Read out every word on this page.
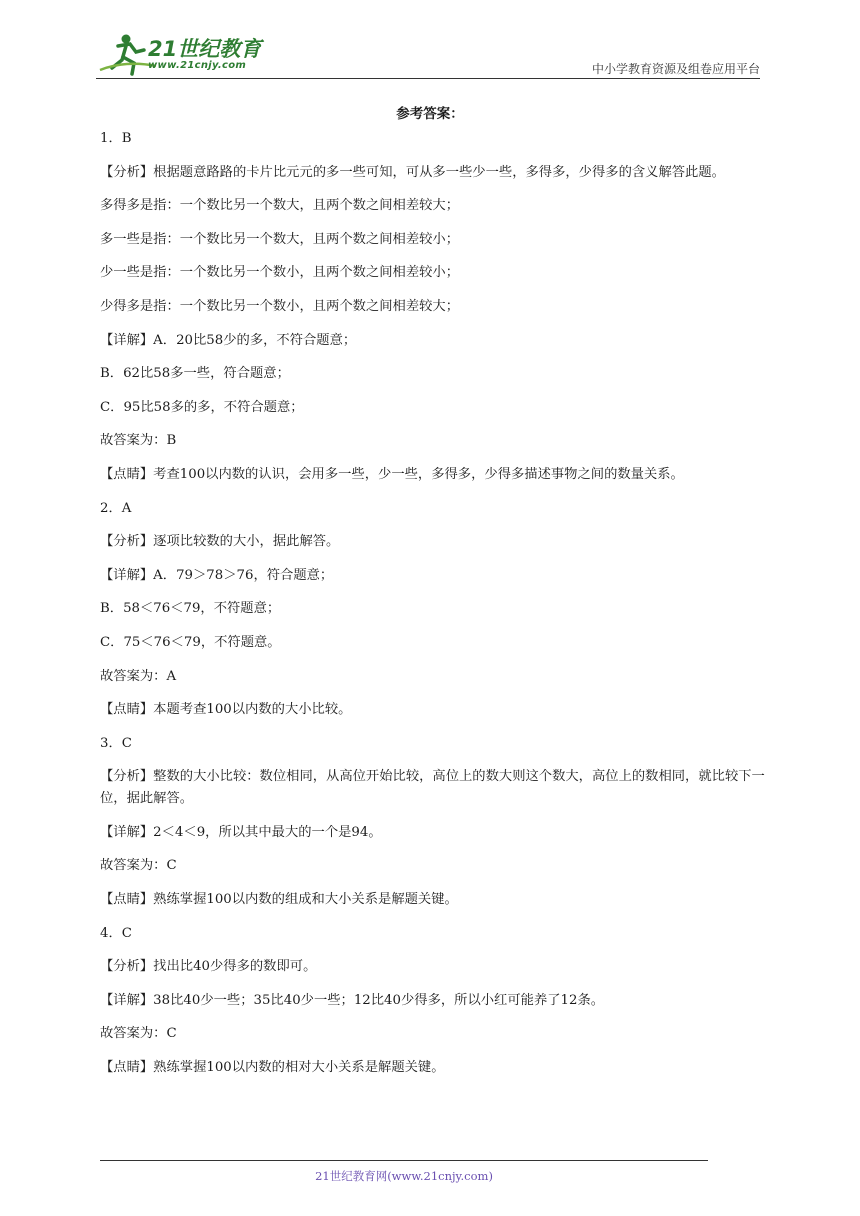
21世纪教育
www.21cnjy.com	中小学教育资源及组卷应用平台
参考答案：
1．B
【分析】根据题意路路的卡片比元元的多一些可知，可从多一些少一些，多得多，少得多的含义解答此题。
多得多是指：一个数比另一个数大，且两个数之间相差较大；
多一些是指：一个数比另一个数大，且两个数之间相差较小；
少一些是指：一个数比另一个数小，且两个数之间相差较小；
少得多是指：一个数比另一个数小，且两个数之间相差较大；
【详解】A．20比58少的多，不符合题意；
B．62比58多一些，符合题意；
C．95比58多的多，不符合题意；
故答案为：B
【点睛】考查100以内数的认识，会用多一些，少一些，多得多，少得多描述事物之间的数量关系。
2．A
【分析】逐项比较数的大小，据此解答。
【详解】A．79＞78＞76，符合题意；
B．58＜76＜79，不符题意；
C．75＜76＜79，不符题意。
故答案为：A
【点睛】本题考查100以内数的大小比较。
3．C
【分析】整数的大小比较：数位相同，从高位开始比较，高位上的数大则这个数大，高位上的数相同，就比较下一位，据此解答。
【详解】2＜4＜9，所以其中最大的一个是94。
故答案为：C
【点睛】熟练掌握100以内数的组成和大小关系是解题关键。
4．C
【分析】找出比40少得多的数即可。
【详解】38比40少一些；35比40少一些；12比40少得多，所以小红可能养了12条。
故答案为：C
【点睛】熟练掌握100以内数的相对大小关系是解题关键。
21世纪教育网(www.21cnjy.com)
